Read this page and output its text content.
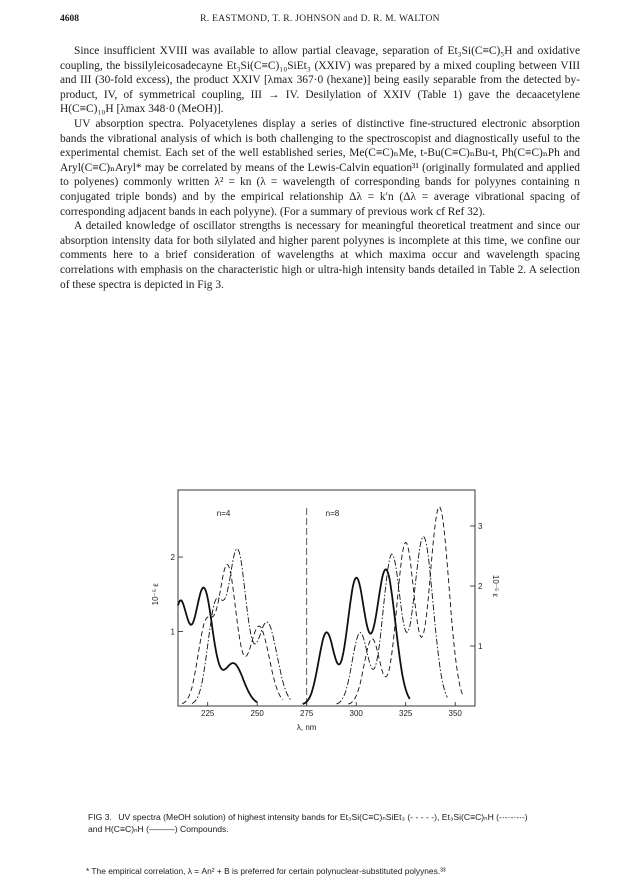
4608	R. EASTMOND, T. R. JOHNSON and D. R. M. WALTON

Since insufficient XVIII was available to allow partial cleavage, separation of Et₃Si(C≡C)₅H and oxidative coupling, the bissilyleicosadecayne Et₃Si(C≡C)₁₀SiEt₃ (XXIV) was prepared by a mixed coupling between VIII and III (30-fold excess), the product XXIV [λmax 367·0 (hexane)] being easily separable from the detected by-product, IV, of symmetrical coupling, III → IV. Desilylation of XXIV (Table 1) gave the decaacetylene H(C≡C)₁₀H [λmax 348·0 (MeOH)].

UV absorption spectra. Polyacetylenes display a series of distinctive fine-structured electronic absorption bands the vibrational analysis of which is both challenging to the spectroscopist and diagnostically useful to the experimental chemist. Each set of the well established series, Me(C≡C)ₙMe, t-Bu(C≡C)ₙBu-t, Ph(C≡C)ₙPh and Aryl(C≡C)ₙAryl* may be correlated by means of the Lewis-Calvin equation³¹ (originally formulated and applied to polyenes) commonly written λ² = kn (λ = wavelength of corresponding bands for polyynes containing n conjugated triple bonds) and by the empirical relationship Δλ = k′n (Δλ = average vibrational spacing of corresponding adjacent bands in each polyyne). (For a summary of previous work cf Ref 32).

A detailed knowledge of oscillator strengths is necessary for meaningful theoretical treatment and since our absorption intensity data for both silylated and higher parent polyynes is incomplete at this time, we confine our comments here to a brief consideration of wavelengths at which maxima occur and wavelength spacing correlations with emphasis on the characteristic high or ultra-high intensity bands detailed in Table 2. A selection of these spectra is depicted in Fig 3.

225	250	275	300	325	350
λ, nm
1
2
1
2
3
10⁻⁵ ε	10⁻⁵ ε
n=4	n=8
FIG 3. UV spectra (MeOH solution) of highest intensity bands for Et₃Si(C≡C)ₙSiEt₃ (- - - - -), Et₃Si(C≡C)ₙH (-·-·-·-·-) and H(C≡C)ₙH (———) Compounds.
* The empirical correlation, λ = An² + B is preferred for certain polynuclear-substituted polyynes.³³
